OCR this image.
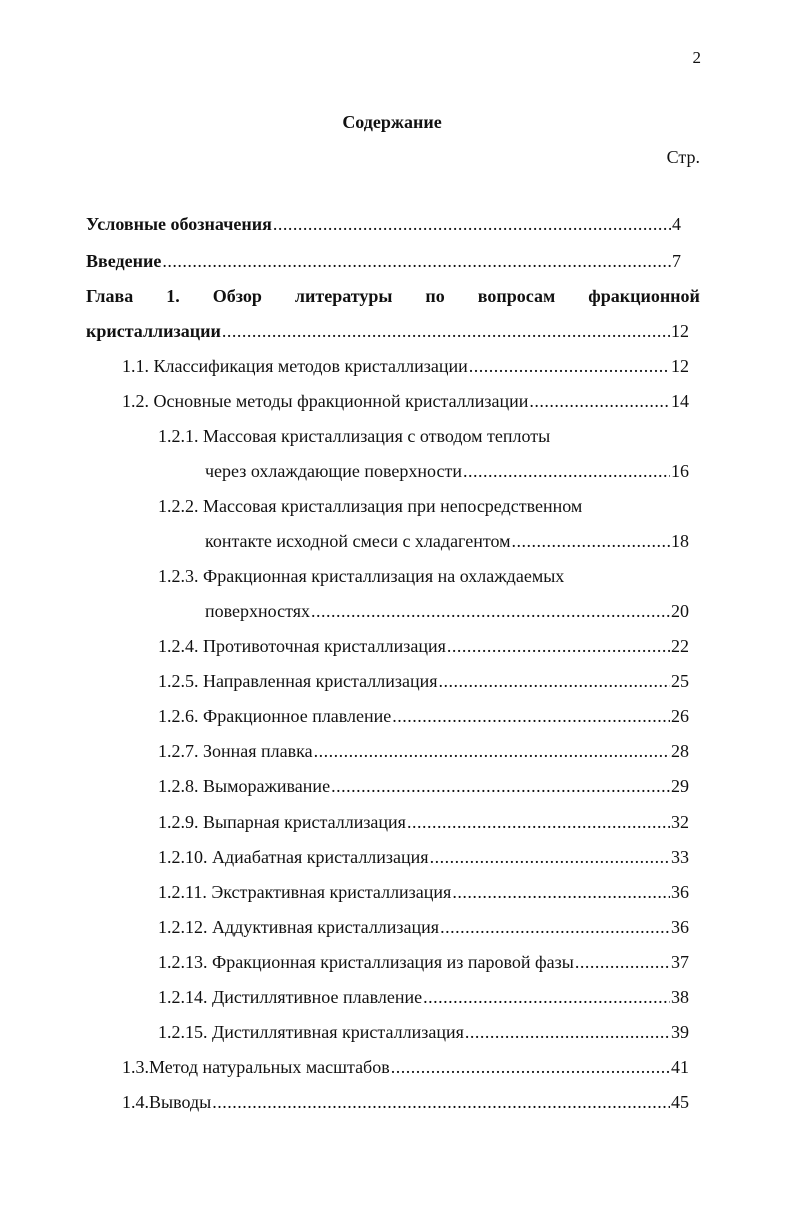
2
Содержание
Стр.
Условные обозначения .....	4
Введение .....	7
Глава 1. Обзор литературы по вопросам фракционной
кристаллизации .....	12
1.1. Классификация методов кристаллизации .....	12
1.2. Основные методы фракционной кристаллизации .....	14
1.2.1. Массовая кристаллизация с отводом теплоты
через охлаждающие поверхности .....	16
1.2.2. Массовая кристаллизация при непосредственном
контакте исходной смеси с хладагентом .....	18
1.2.3. Фракционная кристаллизация на охлаждаемых
поверхностях .....	20
1.2.4. Противоточная кристаллизация .....	22
1.2.5. Направленная кристаллизация .....	25
1.2.6. Фракционное плавление .....	26
1.2.7. Зонная плавка .....	28
1.2.8. Вымораживание .....	29
1.2.9. Выпарная кристаллизация .....	32
1.2.10. Адиабатная кристаллизация .....	33
1.2.11. Экстрактивная кристаллизация .....	36
1.2.12. Аддуктивная кристаллизация .....	36
1.2.13. Фракционная кристаллизация из паровой фазы .....	37
1.2.14. Дистиллятивное плавление .....	38
1.2.15. Дистиллятивная кристаллизация .....	39
1.3.Метод натуральных масштабов .....	41
1.4.Выводы .....	45
